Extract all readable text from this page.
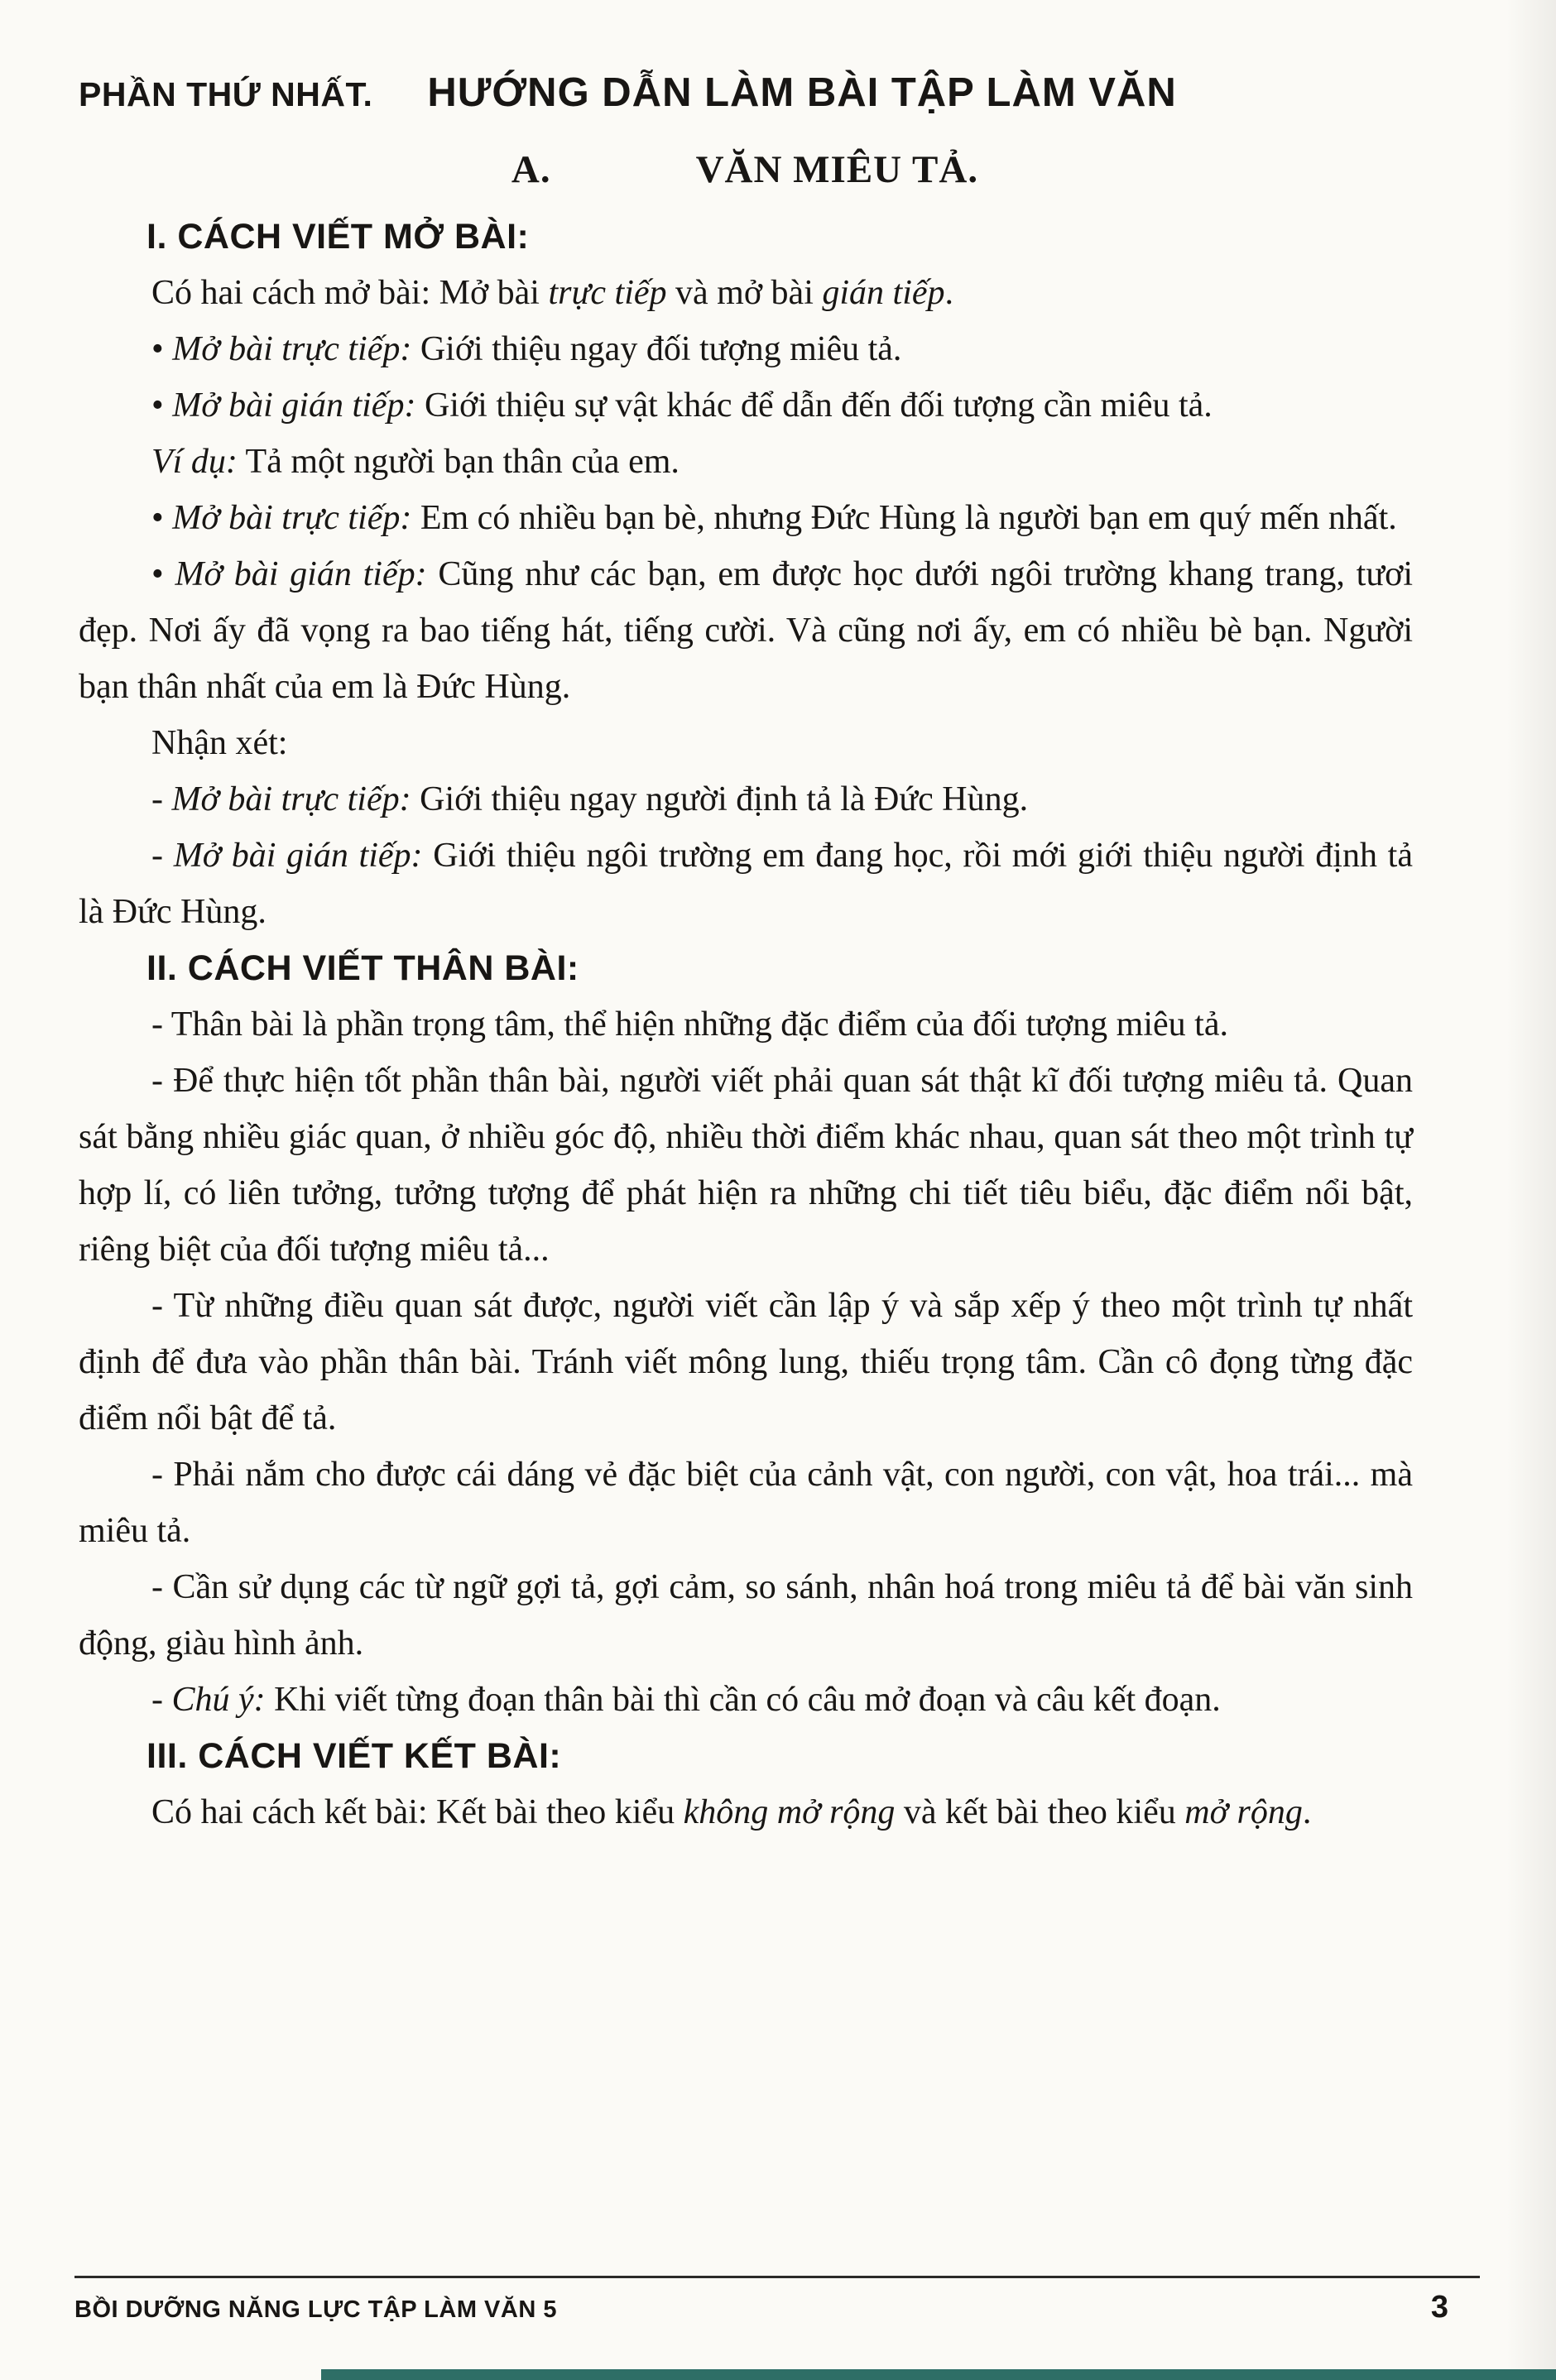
PHẦN THỨ NHẤT. HƯỚNG DẪN LÀM BÀI TẬP LÀM VĂN
A.	VĂN MIÊU TẢ.

I. CÁCH VIẾT MỞ BÀI:

Có hai cách mở bài: Mở bài trực tiếp và mở bài gián tiếp.

• Mở bài trực tiếp: Giới thiệu ngay đối tượng miêu tả.

• Mở bài gián tiếp: Giới thiệu sự vật khác để dẫn đến đối tượng cần miêu tả.

Ví dụ: Tả một người bạn thân của em.

• Mở bài trực tiếp: Em có nhiều bạn bè, nhưng Đức Hùng là người bạn em quý mến nhất.

• Mở bài gián tiếp: Cũng như các bạn, em được học dưới ngôi trường khang trang, tươi đẹp. Nơi ấy đã vọng ra bao tiếng hát, tiếng cười. Và cũng nơi ấy, em có nhiều bè bạn. Người bạn thân nhất của em là Đức Hùng.

Nhận xét:

- Mở bài trực tiếp: Giới thiệu ngay người định tả là Đức Hùng.

- Mở bài gián tiếp: Giới thiệu ngôi trường em đang học, rồi mới giới thiệu người định tả là Đức Hùng.

II. CÁCH VIẾT THÂN BÀI:

- Thân bài là phần trọng tâm, thể hiện những đặc điểm của đối tượng miêu tả.

- Để thực hiện tốt phần thân bài, người viết phải quan sát thật kĩ đối tượng miêu tả. Quan sát bằng nhiều giác quan, ở nhiều góc độ, nhiều thời điểm khác nhau, quan sát theo một trình tự hợp lí, có liên tưởng, tưởng tượng để phát hiện ra những chi tiết tiêu biểu, đặc điểm nổi bật, riêng biệt của đối tượng miêu tả...

- Từ những điều quan sát được, người viết cần lập ý và sắp xếp ý theo một trình tự nhất định để đưa vào phần thân bài. Tránh viết mông lung, thiếu trọng tâm. Cần cô đọng từng đặc điểm nổi bật để tả.

- Phải nắm cho được cái dáng vẻ đặc biệt của cảnh vật, con người, con vật, hoa trái... mà miêu tả.

- Cần sử dụng các từ ngữ gợi tả, gợi cảm, so sánh, nhân hoá trong miêu tả để bài văn sinh động, giàu hình ảnh.

- Chú ý: Khi viết từng đoạn thân bài thì cần có câu mở đoạn và câu kết đoạn.

III. CÁCH VIẾT KẾT BÀI:

Có hai cách kết bài: Kết bài theo kiểu không mở rộng và kết bài theo kiểu mở rộng.

BỒI DƯỠNG NĂNG LỰC TẬP LÀM VĂN 5	3
